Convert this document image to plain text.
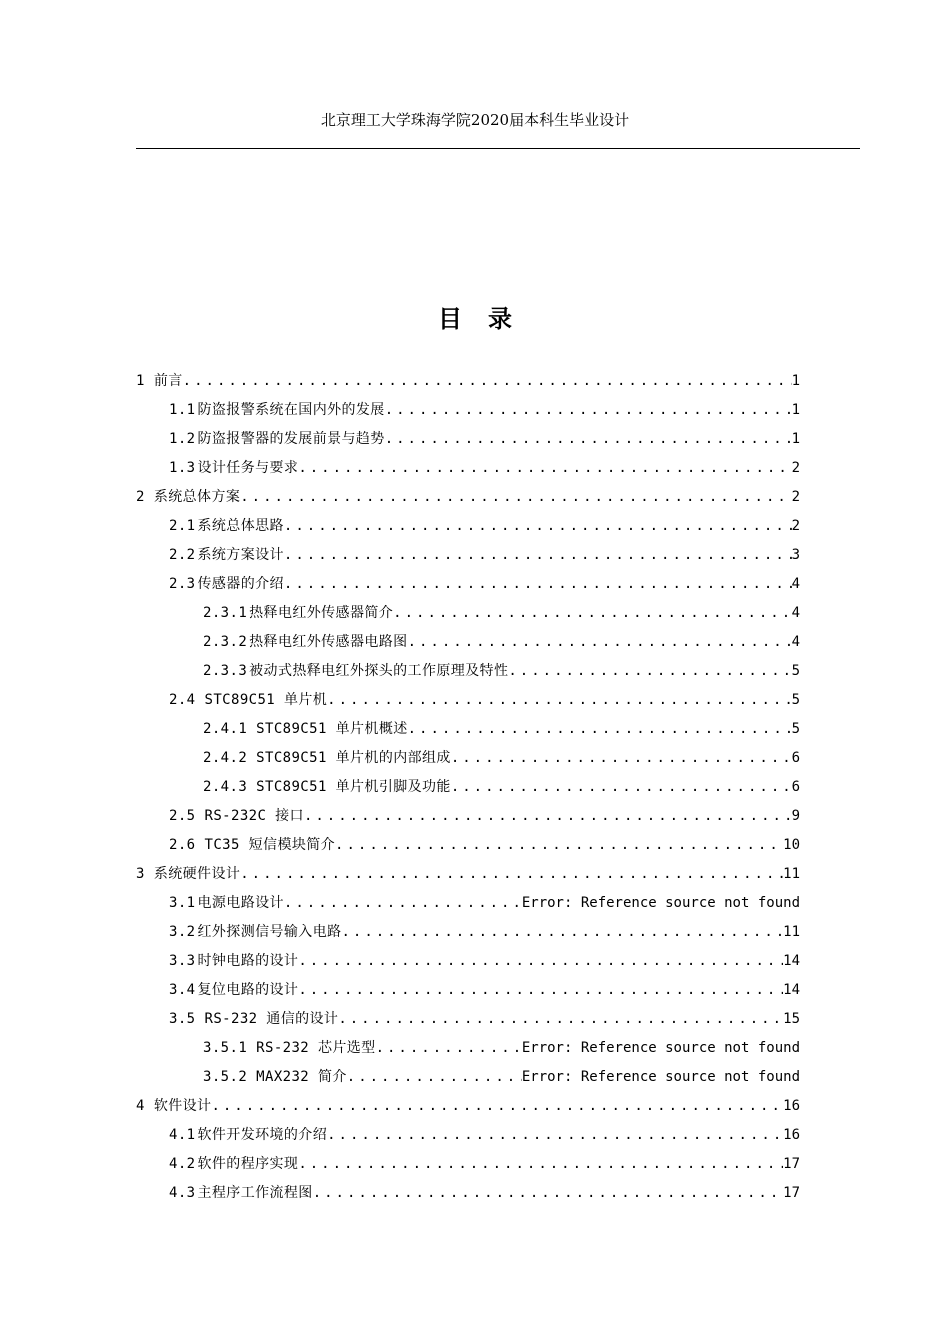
北京理工大学珠海学院2020届本科生毕业设计
目录
1 前言 .....	1
1.1 防盗报警系统在国内外的发展 .....	1
1.2 防盗报警器的发展前景与趋势 .....	1
1.3 设计任务与要求 .....	2
2 系统总体方案 .....	2
2.1 系统总体思路 .....	2
2.2 系统方案设计 .....	3
2.3 传感器的介绍 .....	4
2.3.1 热释电红外传感器简介 .....	4
2.3.2 热释电红外传感器电路图 .....	4
2.3.3 被动式热释电红外探头的工作原理及特性 .....	5
2.4 STC89C51 单片机 .....	5
2.4.1 STC89C51 单片机概述 .....	5
2.4.2 STC89C51 单片机的内部组成 .....	6
2.4.3 STC89C51 单片机引脚及功能 .....	6
2.5 RS-232C 接口 .....	9
2.6 TC35 短信模块简介 .....	10
3 系统硬件设计 .....	11
3.1 电源电路设计 .....	Error: Reference source not found
3.2 红外探测信号输入电路 .....	11
3.3 时钟电路的设计 .....	14
3.4 复位电路的设计 .....	14
3.5 RS-232 通信的设计 .....	15
3.5.1 RS-232 芯片选型 .....	Error: Reference source not found
3.5.2 MAX232 简介 .....	Error: Reference source not found
4 软件设计 .....	16
4.1 软件开发环境的介绍 .....	16
4.2 软件的程序实现 .....	17
4.3 主程序工作流程图 .....	17
